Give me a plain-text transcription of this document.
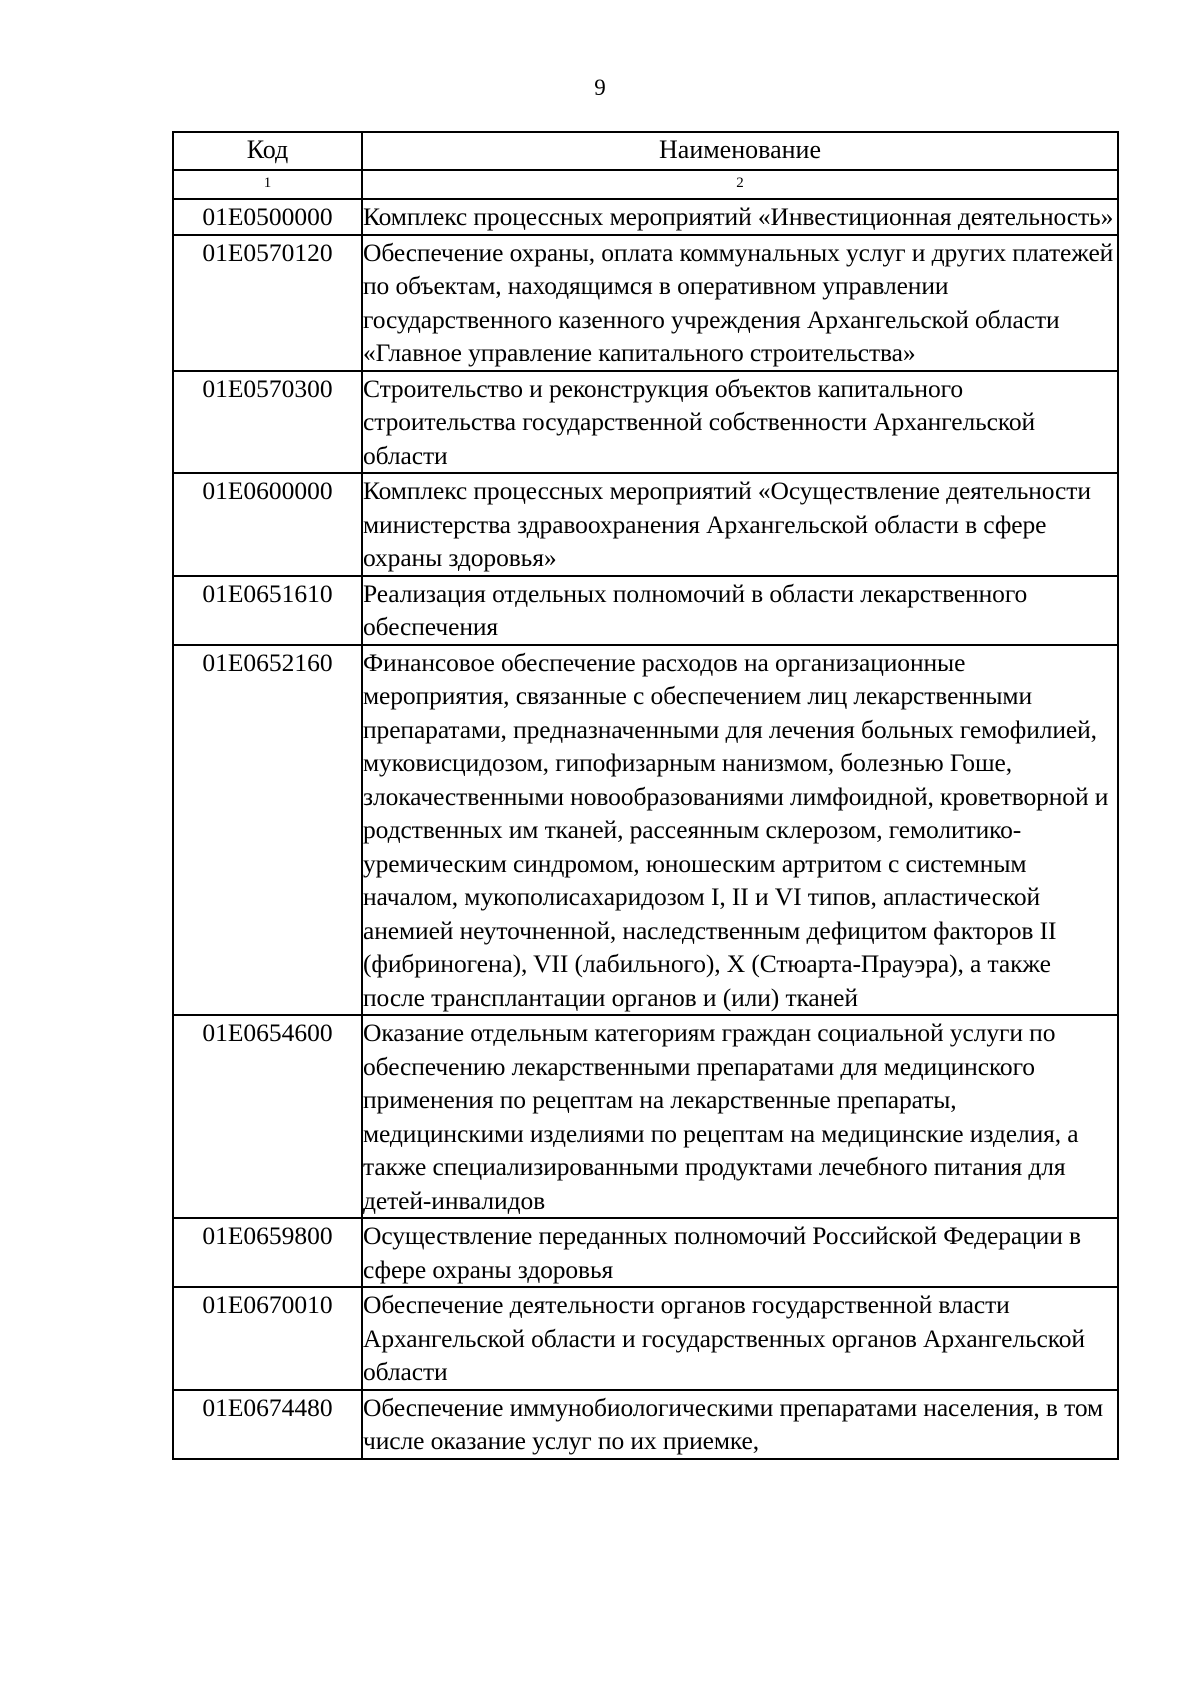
9
Код	Наименование
1	2
01Е0500000	Комплекс процессных мероприятий «Инвестиционная деятельность»
01Е0570120	Обеспечение охраны, оплата коммунальных услуг и других платежей по объектам, находящимся в оперативном управлении государственного казенного учреждения Архангельской области «Главное управление капитального строительства»
01Е0570300	Строительство и реконструкция объектов капитального строительства государственной собственности Архангельской области
01Е0600000	Комплекс процессных мероприятий «Осуществление деятельности министерства здравоохранения Архангельской области в сфере охраны здоровья»
01Е0651610	Реализация отдельных полномочий в области лекарственного обеспечения
01Е0652160	Финансовое обеспечение расходов на организационные мероприятия, связанные с обеспечением лиц лекарственными препаратами, предназначенными для лечения больных гемофилией, муковисцидозом, гипофизарным нанизмом, болезнью Гоше, злокачественными новообразованиями лимфоидной, кроветворной и родственных им тканей, рассеянным склерозом, гемолитико-уремическим синдромом, юношеским артритом с системным началом, мукополисахаридозом I, II и VI типов, апластической анемией неуточненной, наследственным дефицитом факторов II (фибриногена), VII (лабильного), X (Стюарта-Прауэра), а также после трансплантации органов и (или) тканей
01Е0654600	Оказание отдельным категориям граждан социальной услуги по обеспечению лекарственными препаратами для медицинского применения по рецептам на лекарственные препараты, медицинскими изделиями по рецептам на медицинские изделия, а также специализированными продуктами лечебного питания для детей-инвалидов
01Е0659800	Осуществление переданных полномочий Российской Федерации в сфере охраны здоровья
01Е0670010	Обеспечение деятельности органов государственной власти Архангельской области и государственных органов Архангельской области
01Е0674480	Обеспечение иммунобиологическими препаратами населения, в том числе оказание услуг по их приемке,
